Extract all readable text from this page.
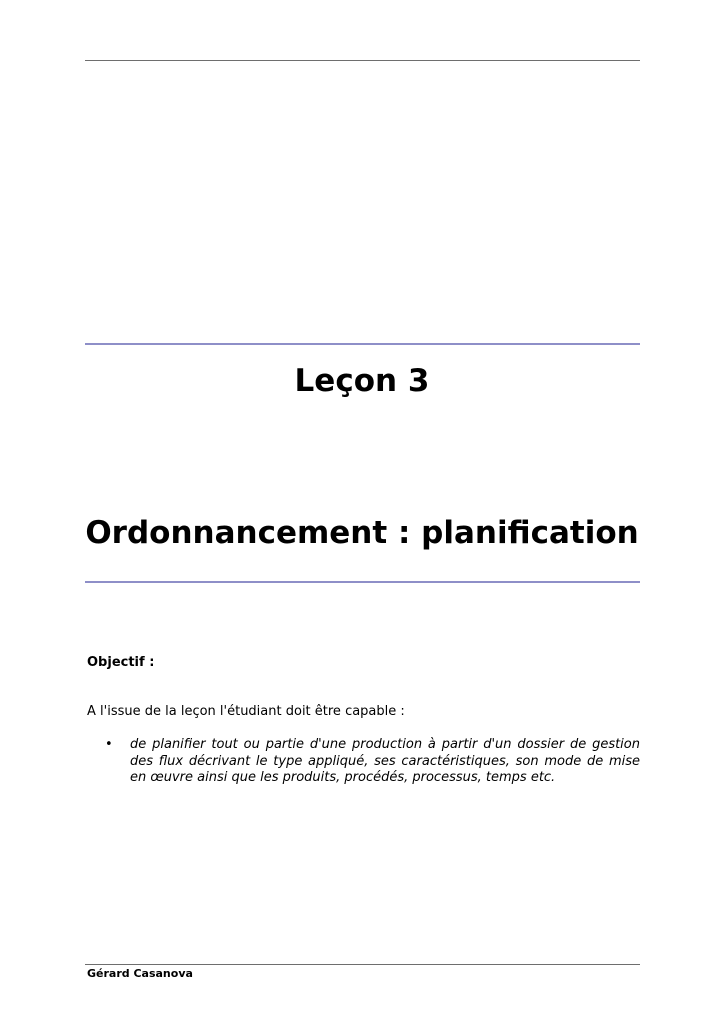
Leçon 3
Ordonnancement : planification
Objectif :
A l'issue de la leçon l'étudiant doit être capable :
•	de planifier tout ou partie d'une production à partir d'un dossier de gestion des flux décrivant le type appliqué, ses caractéristiques, son mode de mise en œuvre ainsi que les produits, procédés, processus, temps etc.
Gérard Casanova
